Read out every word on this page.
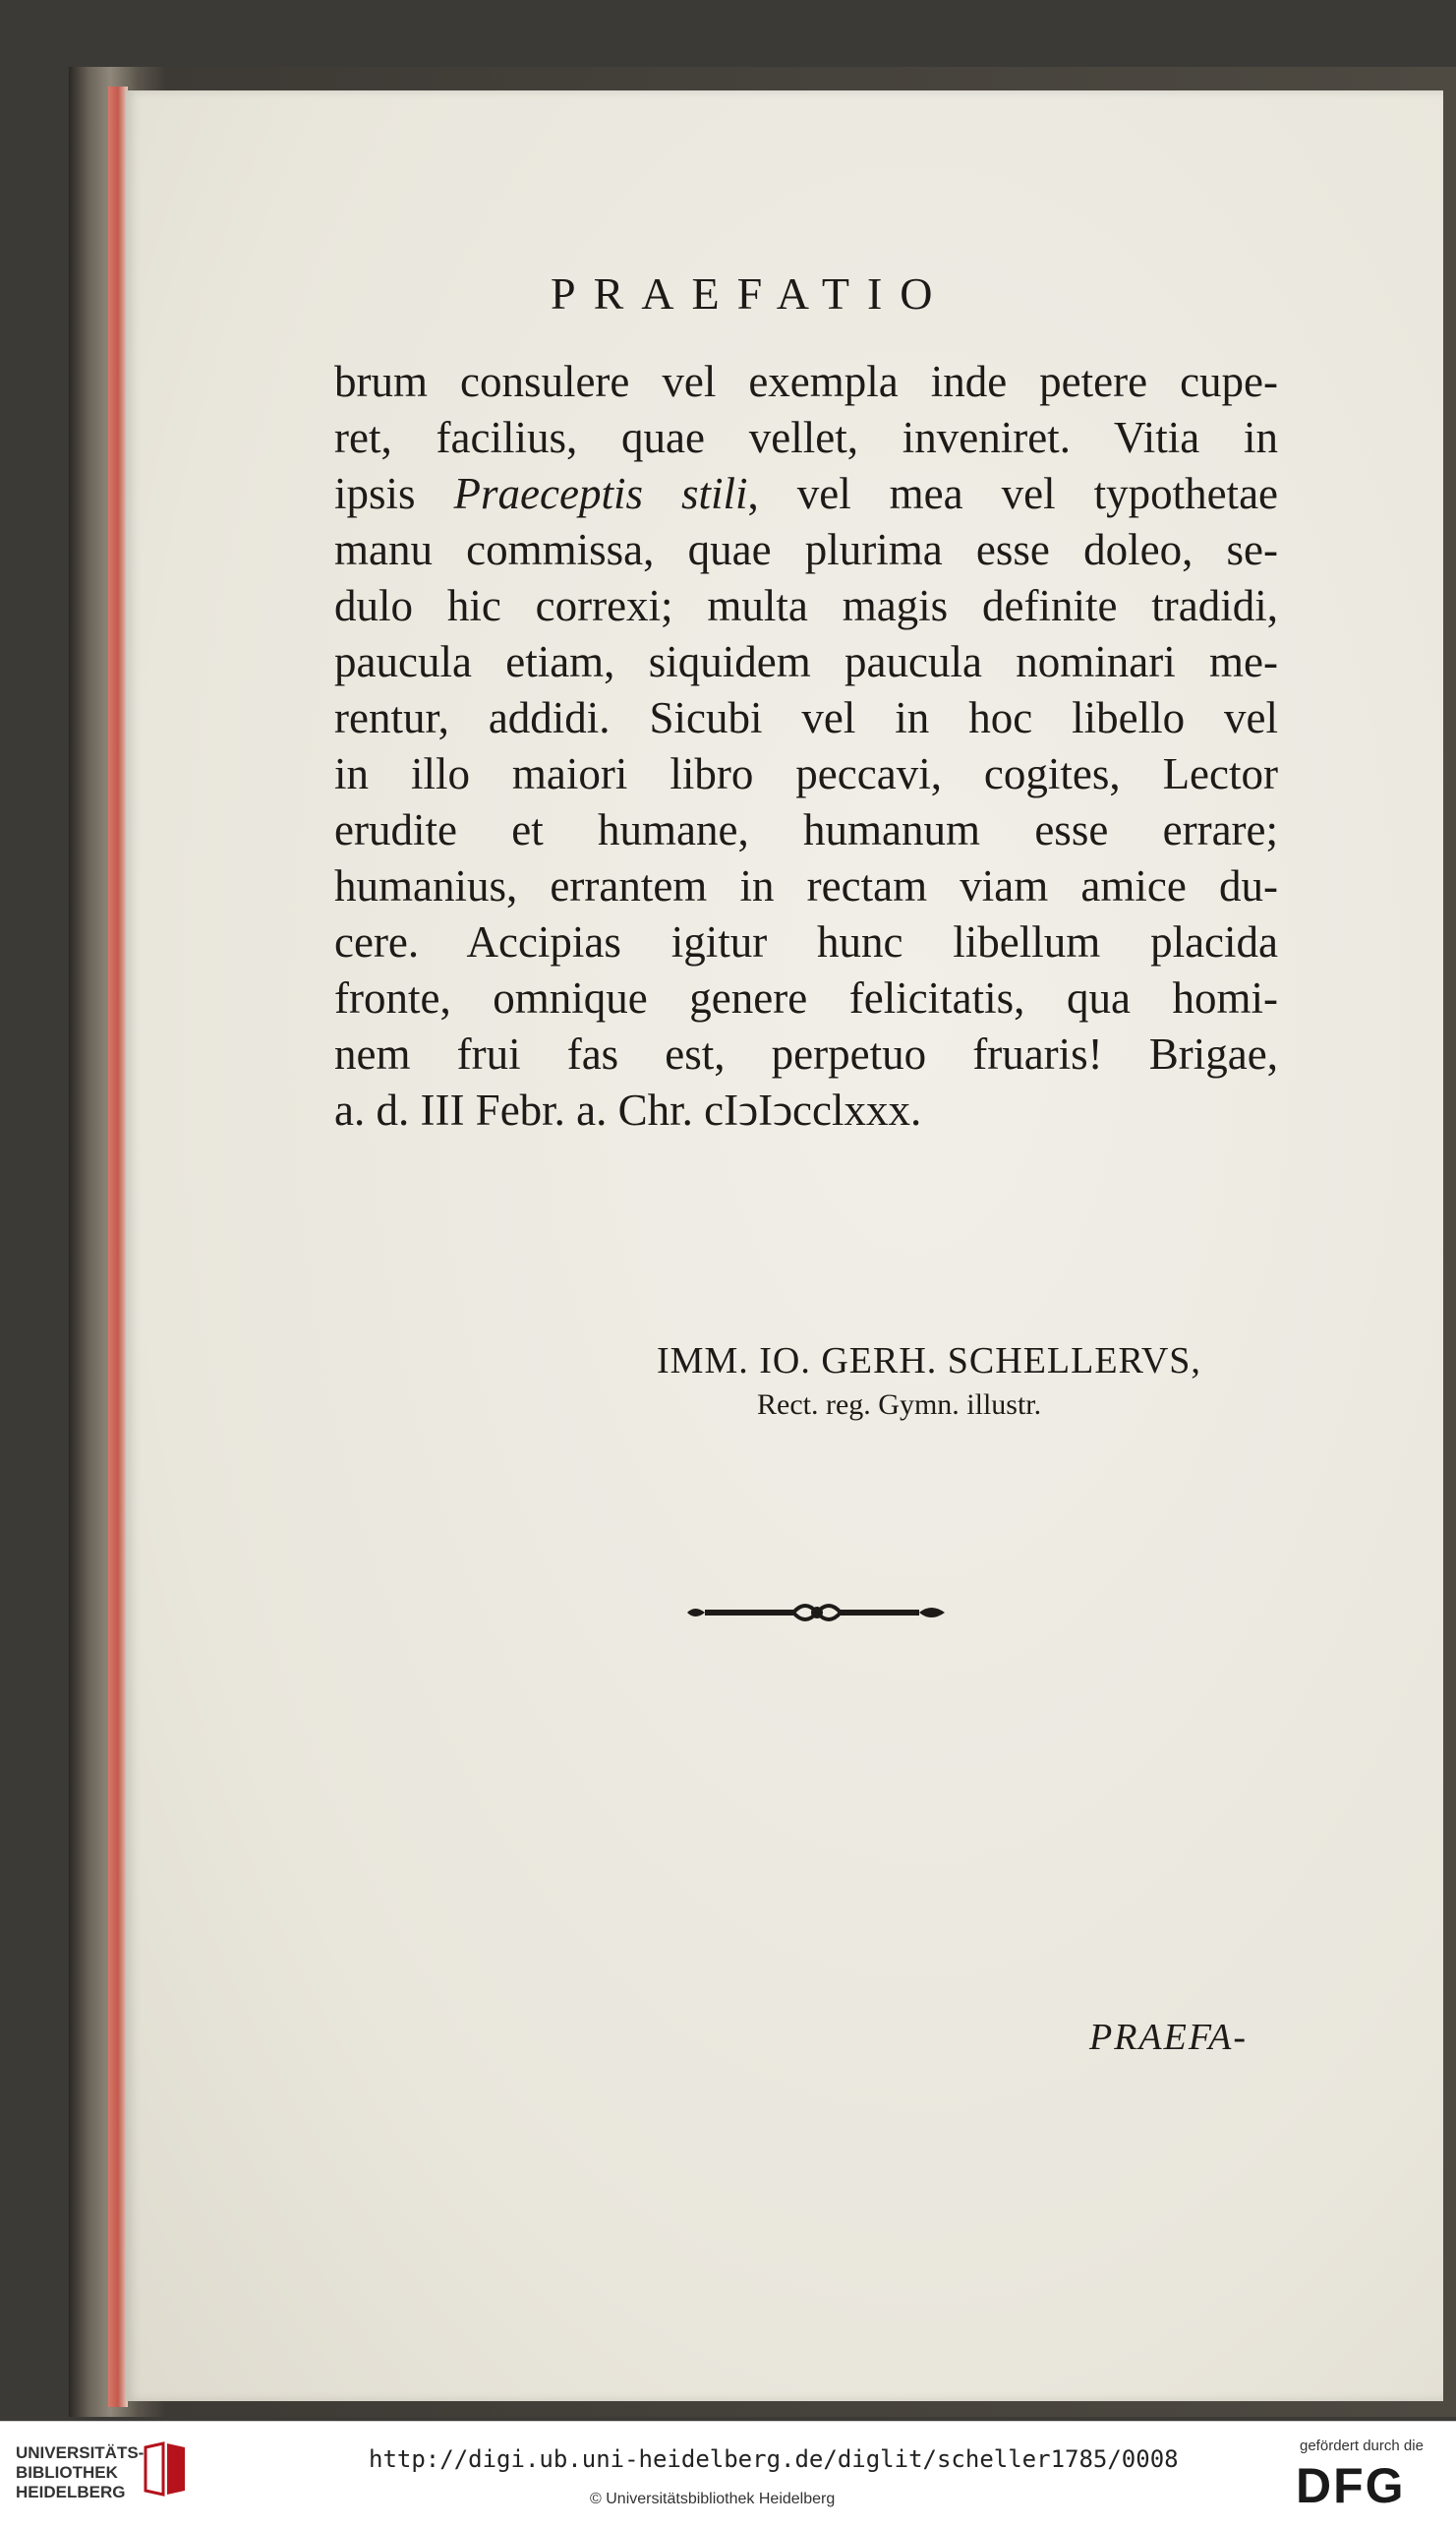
PRAEFATIO
brum consulere vel exempla inde petere cupe-
ret, facilius, quae vellet, inveniret. Vitia in
ipsis Praeceptis stili, vel mea vel typothetae
manu commissa, quae plurima esse doleo, se-
dulo hic correxi; multa magis definite tradidi,
paucula etiam, siquidem paucula nominari me-
rentur, addidi. Sicubi vel in hoc libello vel
in illo maiori libro peccavi, cogites, Lector
erudite et humane, humanum esse errare;
humanius, errantem in rectam viam amice du-
cere. Accipias igitur hunc libellum placida
fronte, omnique genere felicitatis, qua homi-
nem frui fas est, perpetuo fruaris! Brigae,
a. d. III Febr. a. Chr. cIↄIↄcclxxx.
IMM. IO. GERH. SCHELLERVS,
Rect. reg. Gymn. illustr.
PRAEFA-
UNIVERSITÄTS-
BIBLIOTHEK
HEIDELBERG
http://digi.ub.uni-heidelberg.de/diglit/scheller1785/0008
© Universitätsbibliothek Heidelberg
gefördert durch die
DFG
